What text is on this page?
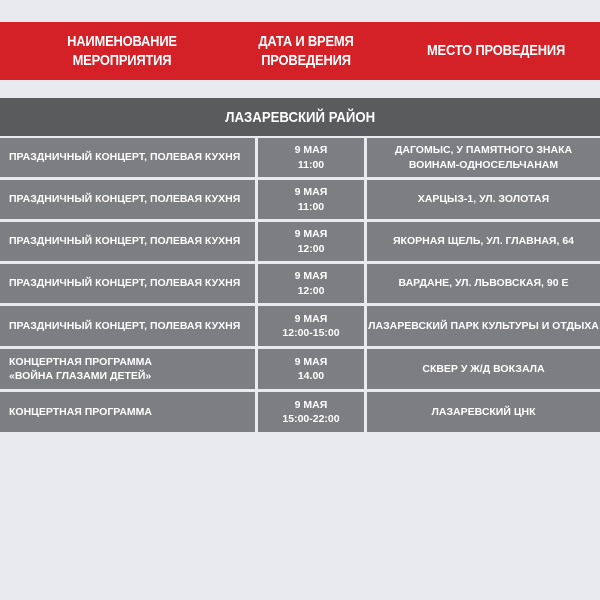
НАИМЕНОВАНИЕ
МЕРОПРИЯТИЯ
ДАТА И ВРЕМЯ
ПРОВЕДЕНИЯ
МЕСТО ПРОВЕДЕНИЯ
ЛАЗАРЕВСКИЙ РАЙОН
ПРАЗДНИЧНЫЙ КОНЦЕРТ, ПОЛЕВАЯ КУХНЯ
9 МАЯ
11:00
ДАГОМЫС, У ПАМЯТНОГО ЗНАКА
ВОИНАМ-ОДНОСЕЛЬЧАНАМ
ПРАЗДНИЧНЫЙ КОНЦЕРТ, ПОЛЕВАЯ КУХНЯ
9 МАЯ
11:00
ХАРЦЫЗ-1, УЛ. ЗОЛОТАЯ
ПРАЗДНИЧНЫЙ КОНЦЕРТ, ПОЛЕВАЯ КУХНЯ
9 МАЯ
12:00
ЯКОРНАЯ ЩЕЛЬ, УЛ. ГЛАВНАЯ, 64
ПРАЗДНИЧНЫЙ КОНЦЕРТ, ПОЛЕВАЯ КУХНЯ
9 МАЯ
12:00
ВАРДАНЕ, УЛ. ЛЬВОВСКАЯ, 90 Е
ПРАЗДНИЧНЫЙ КОНЦЕРТ, ПОЛЕВАЯ КУХНЯ
9 МАЯ
12:00-15:00
ЛАЗАРЕВСКИЙ ПАРК КУЛЬТУРЫ И ОТДЫХА
КОНЦЕРТНАЯ ПРОГРАММА
«ВОЙНА ГЛАЗАМИ ДЕТЕЙ»
9 МАЯ
14.00
СКВЕР У Ж/Д ВОКЗАЛА
КОНЦЕРТНАЯ ПРОГРАММА
9 МАЯ
15:00-22:00
ЛАЗАРЕВСКИЙ ЦНК
